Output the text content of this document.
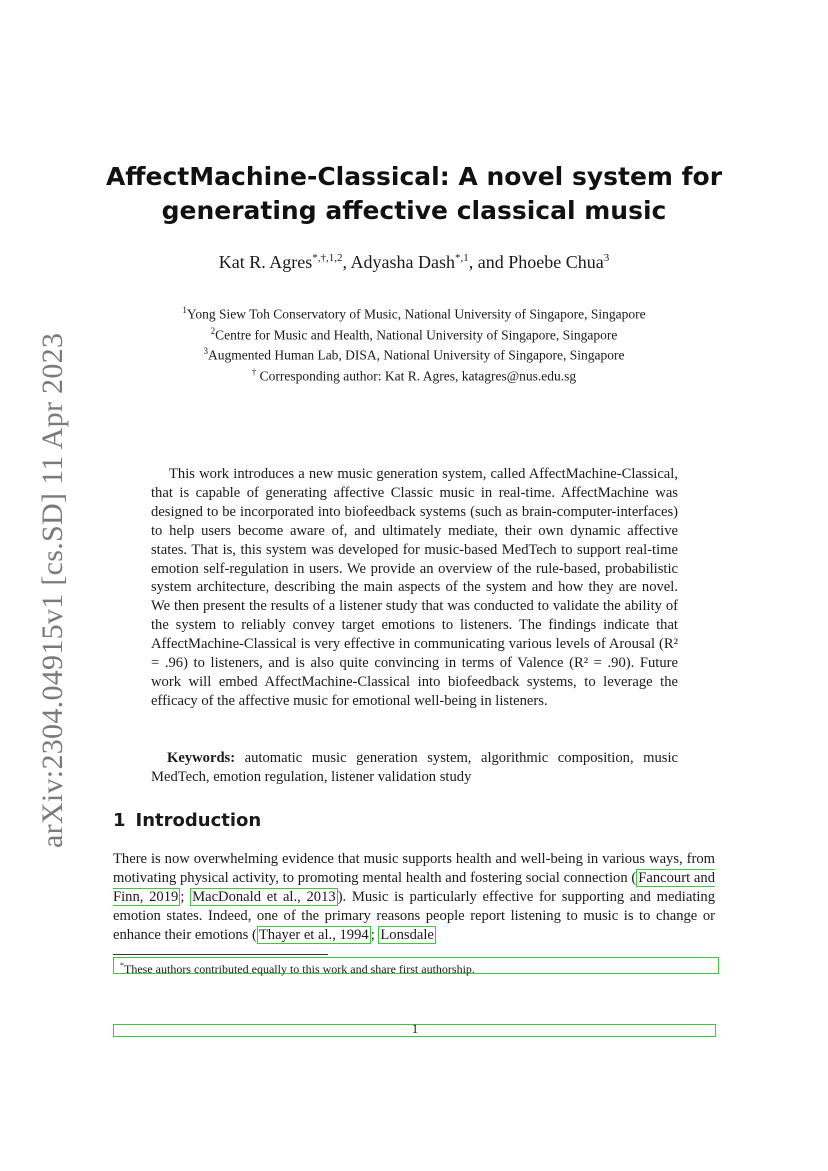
arXiv:2304.04915v1 [cs.SD] 11 Apr 2023
AffectMachine-Classical: A novel system for
generating affective classical music
Kat R. Agres$^{*,\dagger,1,2}$, Adyasha Dash$^{*,1}$, and Phoebe Chua$^3$
$^1$Yong Siew Toh Conservatory of Music, National University of Singapore, Singapore
$^2$Centre for Music and Health, National University of Singapore, Singapore
$^3$Augmented Human Lab, DISA, National University of Singapore, Singapore
† Corresponding author: Kat R. Agres, katagres@nus.edu.sg

This work introduces a new music generation system, called AffectMachine-Classical, that is capable of generating affective Classic music in real-time. AffectMachine was designed to be incorporated into biofeedback systems (such as brain-computer-interfaces) to help users become aware of, and ultimately mediate, their own dynamic affective states. That is, this system was developed for music-based MedTech to support real-time emotion self-regulation in users. We provide an overview of the rule-based, probabilistic system architecture, describing the main aspects of the system and how they are novel. We then present the results of a listener study that was conducted to validate the ability of the system to reliably convey target emotions to listeners. The findings indicate that AffectMachine-Classical is very effective in communicating various levels of Arousal (R² = .96) to listeners, and is also quite convincing in terms of Valence (R² = .90). Future work will embed AffectMachine-Classical into biofeedback systems, to leverage the efficacy of the affective music for emotional well-being in listeners.

Keywords: automatic music generation system, algorithmic composition, music MedTech, emotion regulation, listener validation study
1 Introduction

There is now overwhelming evidence that music supports health and well-being in various ways, from motivating physical activity, to promoting mental health and fostering social connection ( Fancourt and Finn, 2019 ; MacDonald et al., 2013 ). Music is particularly effective for supporting and mediating emotion states. Indeed, one of the primary reasons people report listening to music is to change or enhance their emotions ( Thayer et al., 1994 ; Lonsdale

*These authors contributed equally to this work and share first authorship.
1
